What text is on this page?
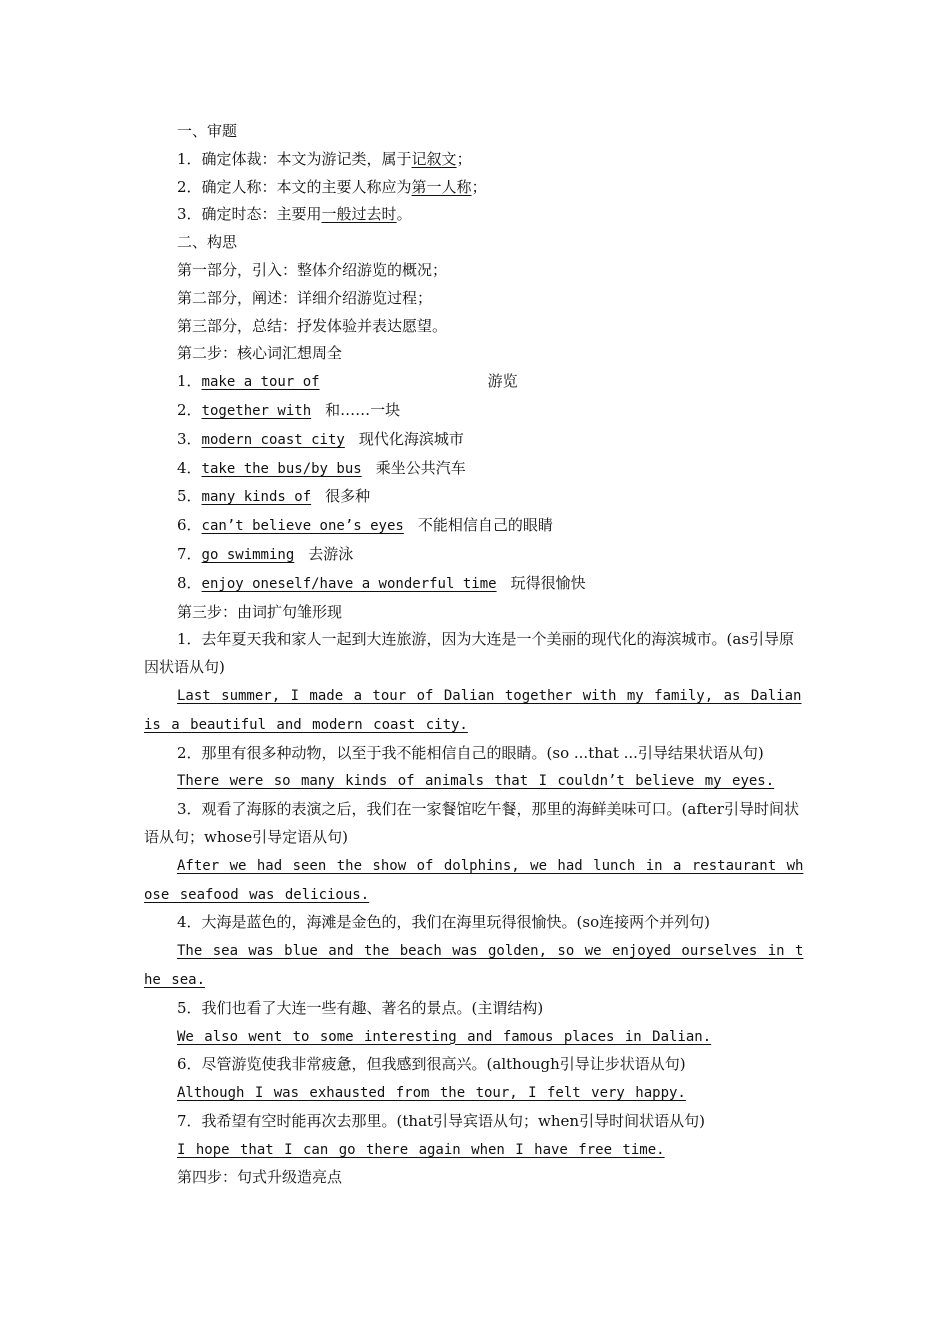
一、审题
1．确定体裁：本文为游记类，属于记叙文；
2．确定人称：本文的主要人称应为第一人称；
3．确定时态：主要用一般过去时。
二、构思
第一部分，引入：整体介绍游览的概况；
第二部分，阐述：详细介绍游览过程；
第三部分，总结：抒发体验并表达愿望。
第二步：核心词汇想周全
1．make a tour of	游览
2．together with 和……一块
3．modern coast city 现代化海滨城市
4．take the bus/by bus 乘坐公共汽车
5．many kinds of 很多种
6．can’t believe one’s eyes 不能相信自己的眼睛
7．go swimming 去游泳
8．enjoy oneself/have a wonderful time 玩得很愉快
第三步：由词扩句雏形现
1．去年夏天我和家人一起到大连旅游，因为大连是一个美丽的现代化的海滨城市。(as引导原因状语从句)
Last summer, I made a tour of Dalian together with my family, as Dalian is a beautiful and modern coast city.
2．那里有很多种动物，以至于我不能相信自己的眼睛。(so ...that ...引导结果状语从句)
There were so many kinds of animals that I couldn’t believe my eyes.
3．观看了海豚的表演之后，我们在一家餐馆吃午餐，那里的海鲜美味可口。(after引导时间状语从句；whose引导定语从句)
After we had seen the show of dolphins, we had lunch in a restaurant whose seafood was delicious.
4．大海是蓝色的，海滩是金色的，我们在海里玩得很愉快。(so连接两个并列句)
The sea was blue and the beach was golden, so we enjoyed ourselves in the sea.
5．我们也看了大连一些有趣、著名的景点。(主谓结构)
We also went to some interesting and famous places in Dalian.
6．尽管游览使我非常疲惫，但我感到很高兴。(although引导让步状语从句)
Although I was exhausted from the tour, I felt very happy.
7．我希望有空时能再次去那里。(that引导宾语从句；when引导时间状语从句)
I hope that I can go there again when I have free time.
第四步：句式升级造亮点
